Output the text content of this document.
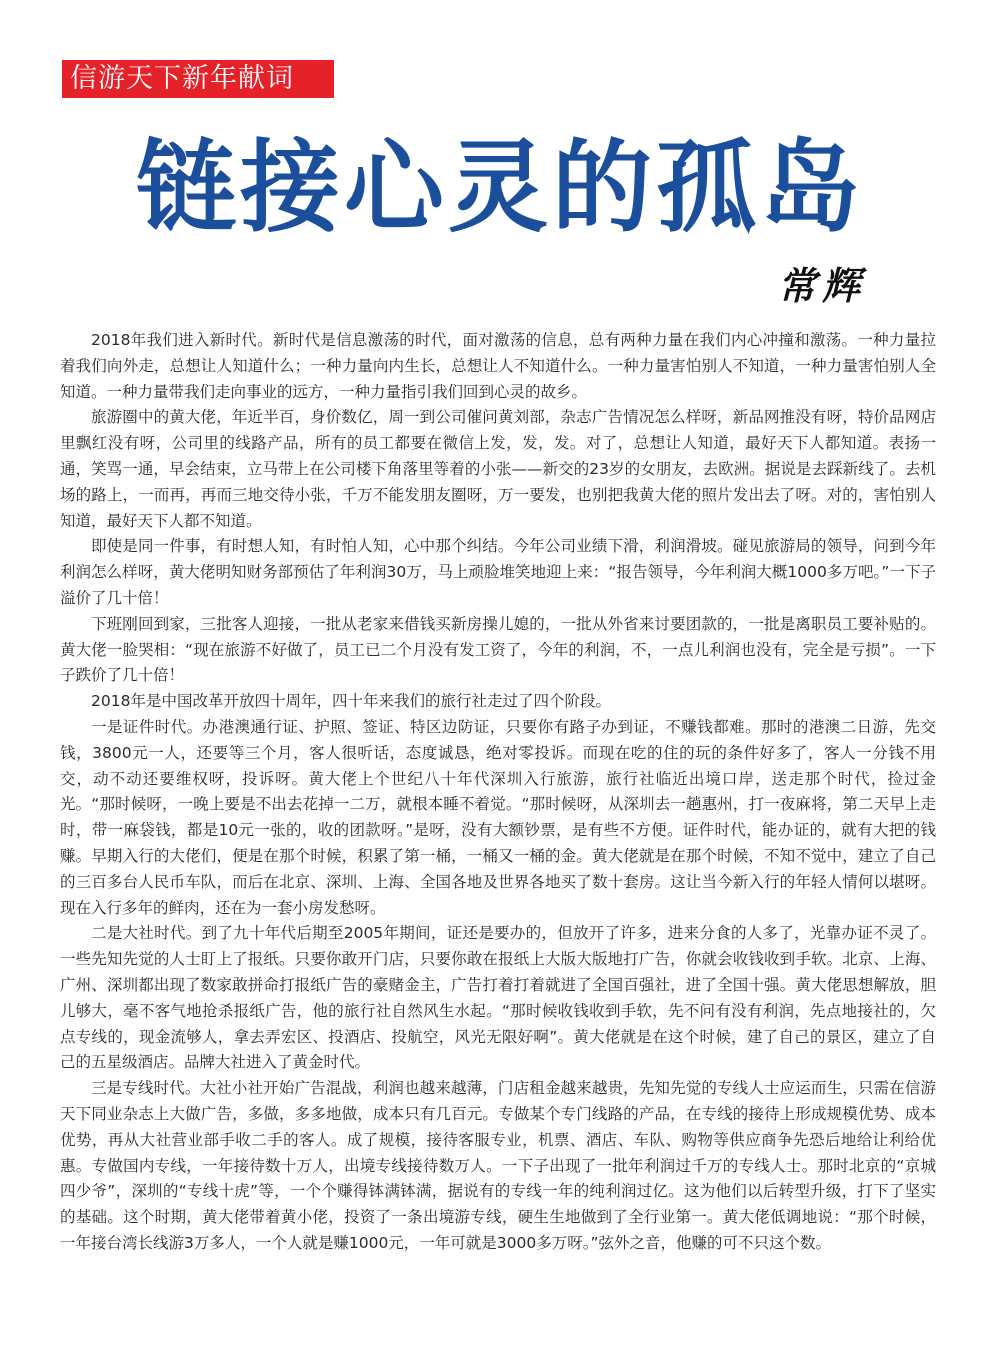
信游天下新年献词
链接心灵的孤岛
常辉

2018年我们进入新时代。新时代是信息激荡的时代，面对激荡的信息，总有两种力量在我们内心冲撞和激荡。一种力量拉着我们向外走，总想让人知道什么；一种力量向内生长，总想让人不知道什么。一种力量害怕别人不知道，一种力量害怕别人全知道。一种力量带我们走向事业的远方，一种力量指引我们回到心灵的故乡。

旅游圈中的黄大佬，年近半百，身价数亿，周一到公司催问黄刘部，杂志广告情况怎么样呀，新品网推没有呀，特价品网店里飘红没有呀，公司里的线路产品，所有的员工都要在微信上发，发，发。对了，总想让人知道，最好天下人都知道。表扬一通，笑骂一通，早会结束，立马带上在公司楼下角落里等着的小张——新交的23岁的女朋友，去欧洲。据说是去踩新线了。去机场的路上，一而再，再而三地交待小张，千万不能发朋友圈呀，万一要发，也别把我黄大佬的照片发出去了呀。对的，害怕别人知道，最好天下人都不知道。

即使是同一件事，有时想人知，有时怕人知，心中那个纠结。今年公司业绩下滑，利润滑坡。碰见旅游局的领导，问到今年利润怎么样呀，黄大佬明知财务部预估了年利润30万，马上顽脸堆笑地迎上来：“报告领导，今年利润大概1000多万吧。”一下子溢价了几十倍！

下班刚回到家，三批客人迎接，一批从老家来借钱买新房操儿媳的，一批从外省来讨要团款的，一批是离职员工要补贴的。黄大佬一脸哭相：“现在旅游不好做了，员工已二个月没有发工资了，今年的利润，不，一点儿利润也没有，完全是亏损”。一下子跌价了几十倍！

2018年是中国改革开放四十周年，四十年来我们的旅行社走过了四个阶段。

一是证件时代。办港澳通行证、护照、签证、特区边防证，只要你有路子办到证，不赚钱都难。那时的港澳二日游，先交钱，3800元一人，还要等三个月，客人很听话，态度诚恳，绝对零投诉。而现在吃的住的玩的条件好多了，客人一分钱不用交，动不动还要维权呀，投诉呀。黄大佬上个世纪八十年代深圳入行旅游，旅行社临近出境口岸，送走那个时代，捡过金光。“那时候呀，一晚上要是不出去花掉一二万，就根本睡不着觉。“那时候呀，从深圳去一趟惠州，打一夜麻将，第二天早上走时，带一麻袋钱，都是10元一张的，收的团款呀。”是呀，没有大额钞票，是有些不方便。证件时代，能办证的，就有大把的钱赚。早期入行的大佬们，便是在那个时候，积累了第一桶，一桶又一桶的金。黄大佬就是在那个时候，不知不觉中，建立了自己的三百多台人民币车队，而后在北京、深圳、上海、全国各地及世界各地买了数十套房。这让当今新入行的年轻人情何以堪呀。现在入行多年的鲜肉，还在为一套小房发愁呀。

二是大社时代。到了九十年代后期至2005年期间，证还是要办的，但放开了许多，进来分食的人多了，光靠办证不灵了。一些先知先觉的人士盯上了报纸。只要你敢开门店，只要你敢在报纸上大版大版地打广告，你就会收钱收到手软。北京、上海、广州、深圳都出现了数家敢拼命打报纸广告的豪赌金主，广告打着打着就进了全国百强社，进了全国十强。黄大佬思想解放，胆儿够大，毫不客气地抢杀报纸广告，他的旅行社自然风生水起。“那时候收钱收到手软，先不问有没有利润，先点地接社的，欠点专线的，现金流够人，拿去弄宏区、投酒店、投航空，风光无限好啊”。黄大佬就是在这个时候，建了自己的景区，建立了自己的五星级酒店。品牌大社进入了黄金时代。

三是专线时代。大社小社开始广告混战，利润也越来越薄，门店租金越来越贵，先知先觉的专线人士应运而生，只需在信游天下同业杂志上大做广告，多做，多多地做，成本只有几百元。专做某个专门线路的产品，在专线的接待上形成规模优势、成本优势，再从大社营业部手收二手的客人。成了规模，接待客服专业，机票、酒店、车队、购物等供应商争先恐后地给让利给优惠。专做国内专线，一年接待数十万人，出境专线接待数万人。一下子出现了一批年利润过千万的专线人士。那时北京的“京城四少爷”，深圳的“专线十虎”等，一个个赚得钵满钵满，据说有的专线一年的纯利润过亿。这为他们以后转型升级，打下了坚实的基础。这个时期，黄大佬带着黄小佬，投资了一条出境游专线，硬生生地做到了全行业第一。黄大佬低调地说：“那个时候，一年接台湾长线游3万多人，一个人就是赚1000元，一年可就是3000多万呀。”弦外之音，他赚的可不只这个数。
